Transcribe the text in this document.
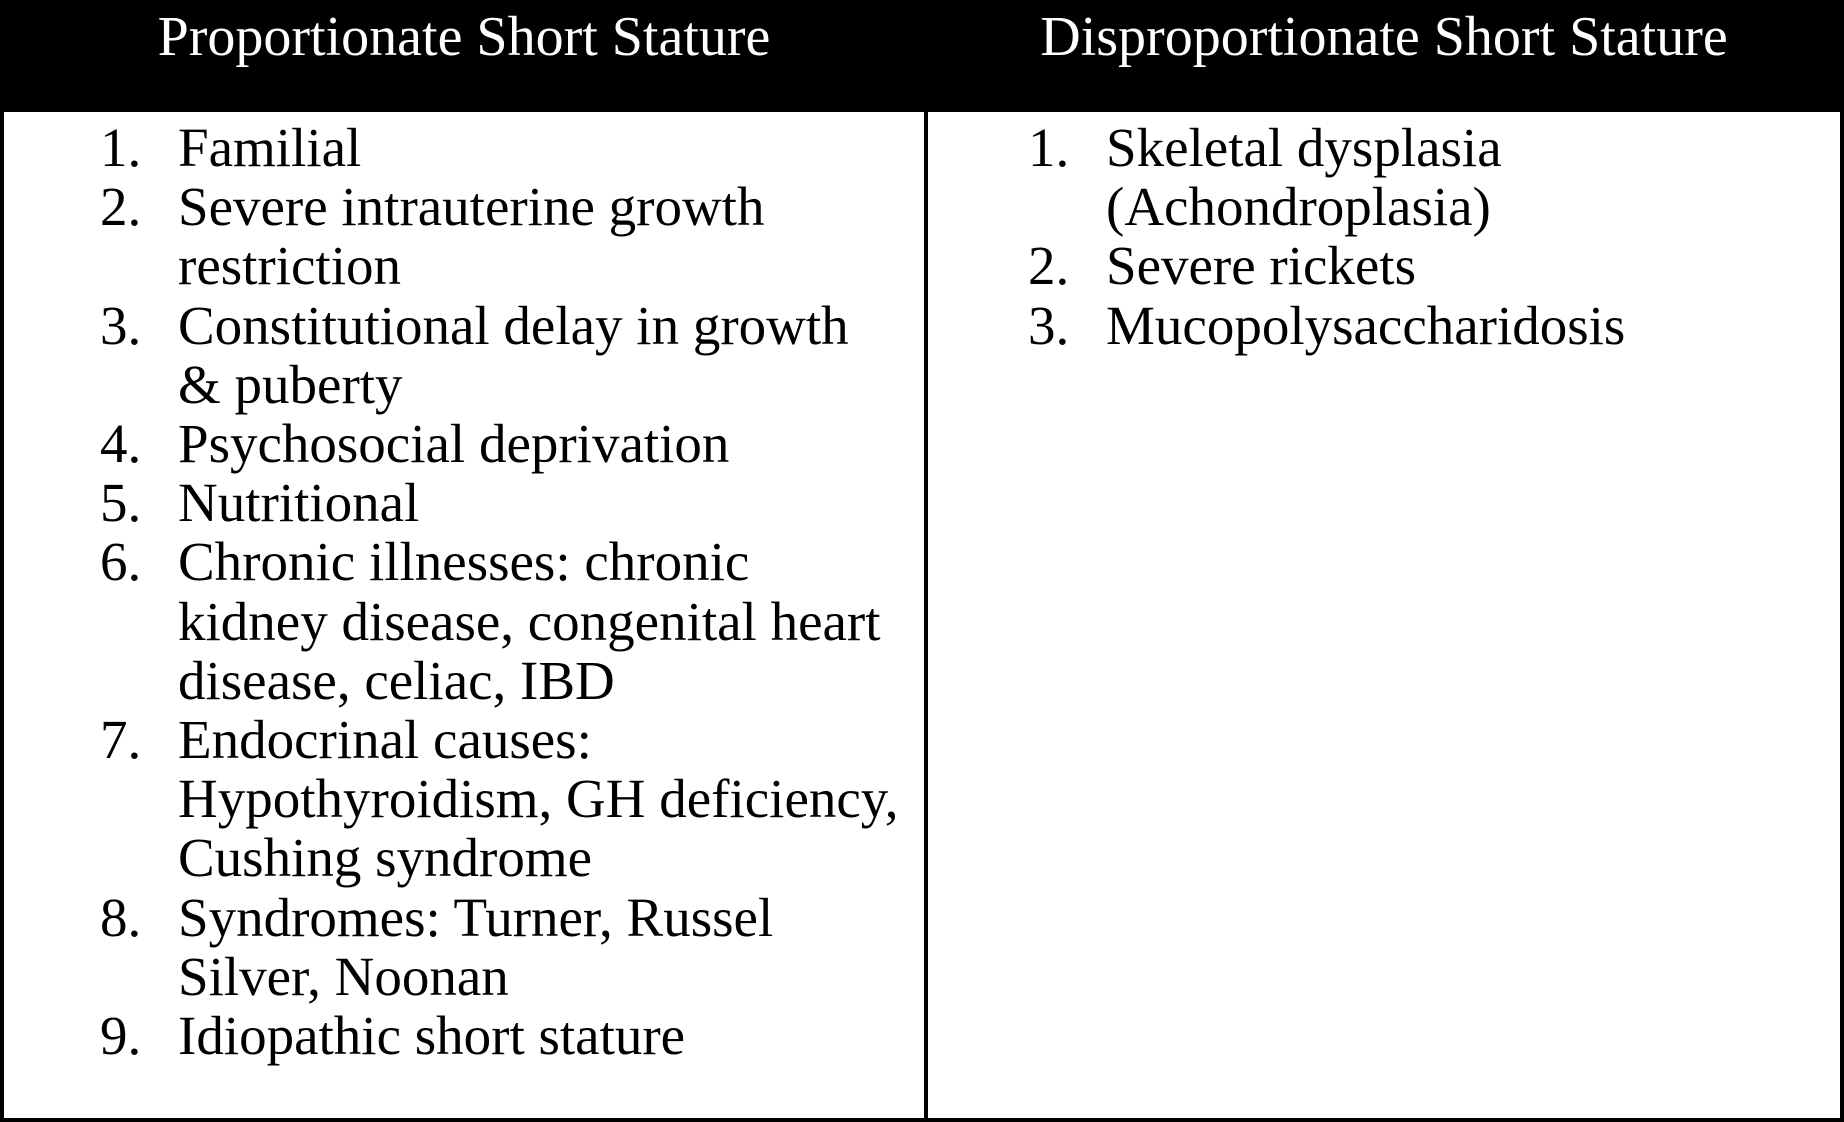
Proportionate Short Stature	Disproportionate Short Stature
1. Familial
2. Severe intrauterine growth restriction
3. Constitutional delay in growth & puberty
4. Psychosocial deprivation
5. Nutritional
6. Chronic illnesses: chronic kidney disease, congenital heart disease, celiac, IBD
7. Endocrinal causes: Hypothyroidism, GH deficiency, Cushing syndrome
8. Syndromes: Turner, Russel Silver, Noonan
9. Idiopathic short stature
1. Skeletal dysplasia (Achondroplasia)
2. Severe rickets
3. Mucopolysaccharidosis
